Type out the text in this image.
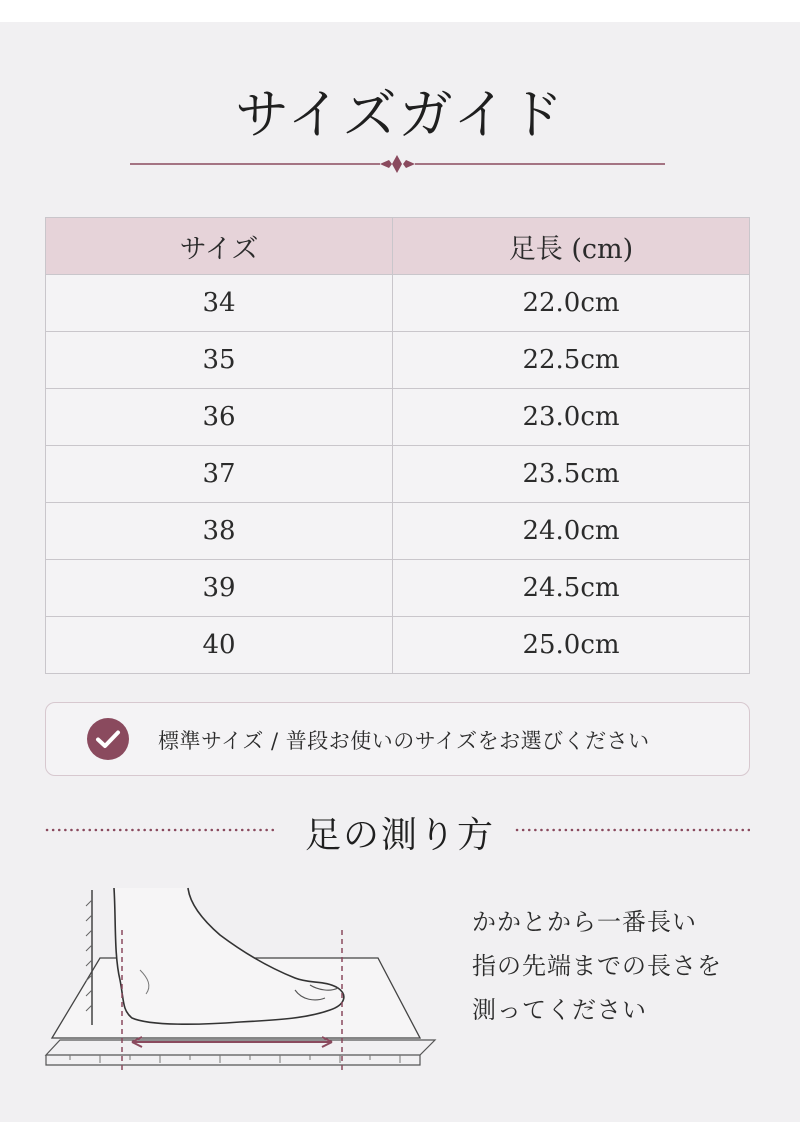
サイズガイド
サイズ	足長 (cm)
34	22.0cm
35	22.5cm
36	23.0cm
37	23.5cm
38	24.0cm
39	24.5cm
40	25.0cm
標準サイズ / 普段お使いのサイズをお選びください
足の測り方
かかとから一番長い
指の先端までの長さを
測ってください
